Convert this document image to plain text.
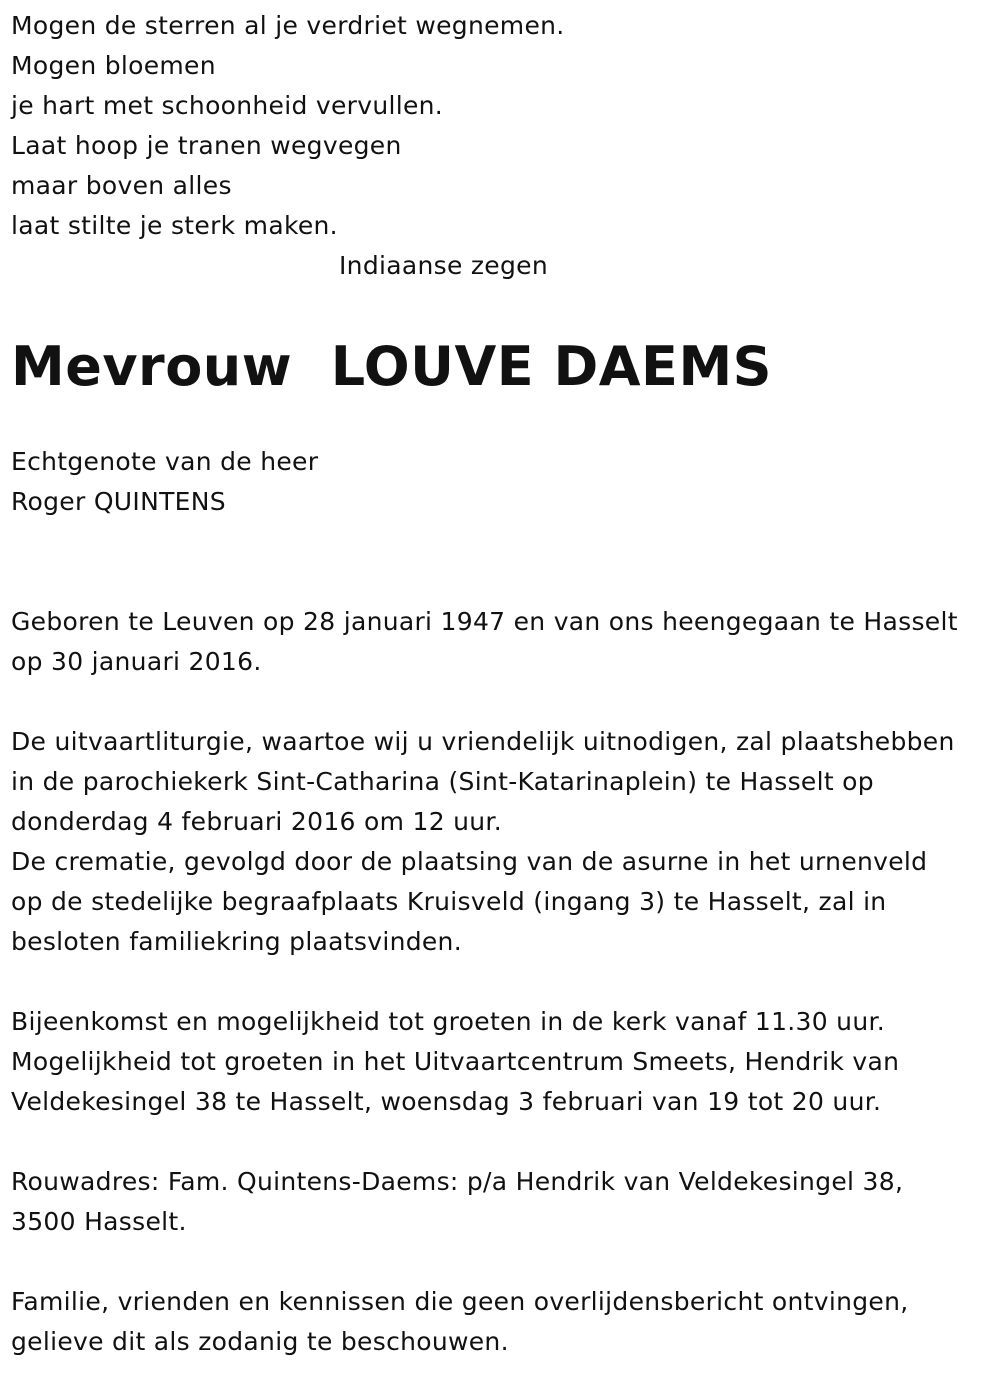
Mogen de sterren al je verdriet wegnemen.
Mogen bloemen
je hart met schoonheid vervullen.
Laat hoop je tranen wegvegen
maar boven alles
laat stilte je sterk maken.
Indiaanse zegen
Mevrouw  LOUVE DAEMS
Echtgenote van de heer
Roger QUINTENS
Geboren te Leuven op 28 januari 1947 en van ons heengegaan te Hasselt
op 30 januari 2016.
De uitvaartliturgie, waartoe wij u vriendelijk uitnodigen, zal plaatshebben
in de parochiekerk Sint-Catharina (Sint-Katarinaplein) te Hasselt op
donderdag 4 februari 2016 om 12 uur.
De crematie, gevolgd door de plaatsing van de asurne in het urnenveld
op de stedelijke begraafplaats Kruisveld (ingang 3) te Hasselt, zal in
besloten familiekring plaatsvinden.
Bijeenkomst en mogelijkheid tot groeten in de kerk vanaf 11.30 uur.
Mogelijkheid tot groeten in het Uitvaartcentrum Smeets, Hendrik van
Veldekesingel 38 te Hasselt, woensdag 3 februari van 19 tot 20 uur.
Rouwadres: Fam. Quintens-Daems: p/a Hendrik van Veldekesingel 38,
3500 Hasselt.
Familie, vrienden en kennissen die geen overlijdensbericht ontvingen,
gelieve dit als zodanig te beschouwen.
